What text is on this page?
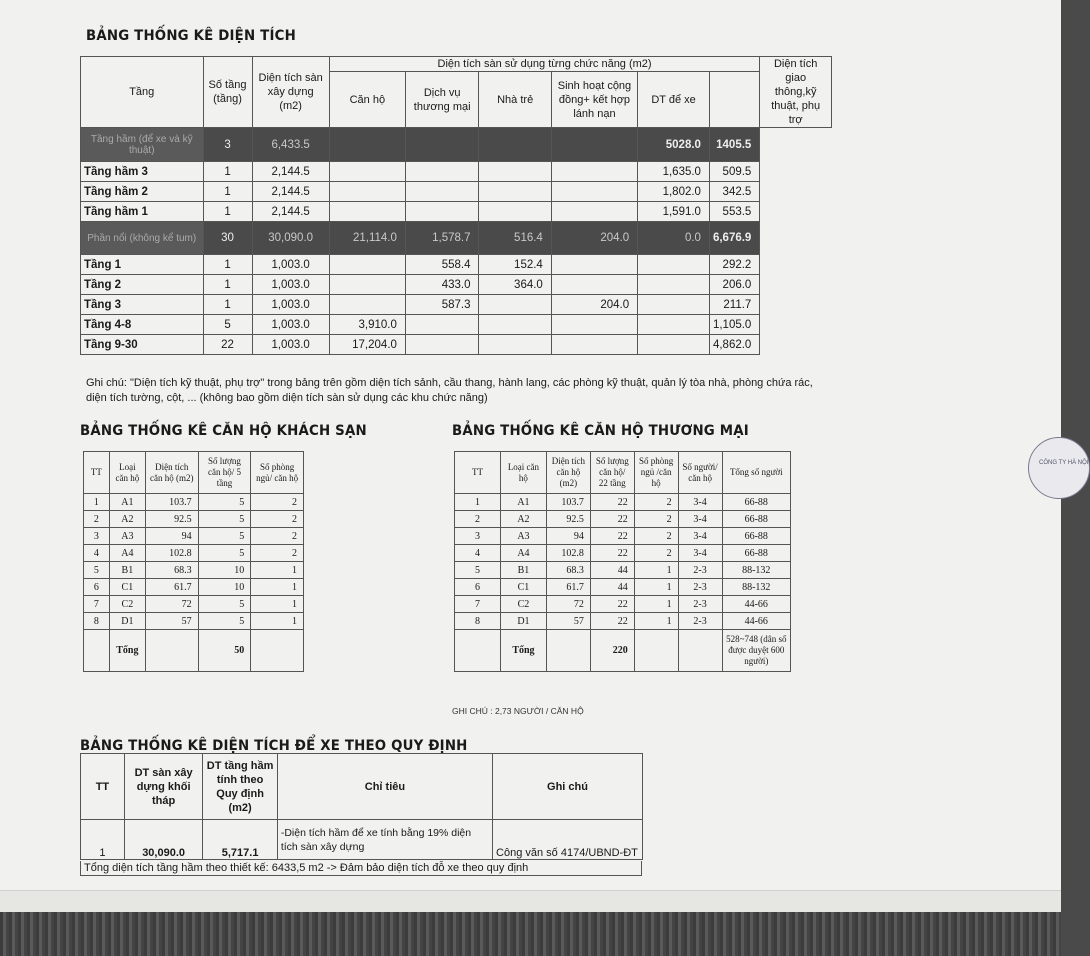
CÔNG TY HÀ NỘI
BẢNG THỐNG KÊ DIỆN TÍCH
Tầng	Số tầng (tầng)	Diện tích sàn xây dựng (m2)	Diện tích sàn sử dụng từng chức năng (m2)						Diện tích giao thông,kỹ thuật, phụ trợ
			Căn hộ	Dịch vụ thương mại	Nhà trẻ	Sinh hoạt cộng đồng+ kết hợp lánh nạn	DT để xe		
Tầng hầm (để xe và kỹ thuật)	3	6,433.5					5028.0	1405.5	
Tầng hầm 3	1	2,144.5					1,635.0	509.5	
Tầng hầm 2	1	2,144.5					1,802.0	342.5	
Tầng hầm 1	1	2,144.5					1,591.0	553.5	
Phần nổi (không kể tum)	30	30,090.0	21,114.0	1,578.7	516.4	204.0	0.0	6,676.9	
Tầng 1	1	1,003.0		558.4	152.4			292.2	
Tầng 2	1	1,003.0		433.0	364.0			206.0	
Tầng 3	1	1,003.0		587.3		204.0		211.7	
Tầng 4-8	5	1,003.0	3,910.0					1,105.0	
Tầng 9-30	22	1,003.0	17,204.0					4,862.0	
Ghi chú: "Diện tích kỹ thuật, phụ trợ" trong bảng trên gồm diện tích sảnh, cầu thang, hành lang, các phòng kỹ thuật, quản lý tòa nhà, phòng chứa rác, diện tích tường, cột, ... (không bao gồm diện tích sàn sử dụng các khu chức năng)
BẢNG THỐNG KÊ CĂN HỘ KHÁCH SẠN
TT	Loại căn hộ	Diện tích căn hộ (m2)	Số lượng căn hộ/ 5 tầng	Số phòng ngủ/ căn hộ
1	A1	103.7	5	2
2	A2	92.5	5	2
3	A3	94	5	2
4	A4	102.8	5	2
5	B1	68.3	10	1
6	C1	61.7	10	1
7	C2	72	5	1
8	D1	57	5	1
	Tổng		50	
BẢNG THỐNG KÊ CĂN HỘ THƯƠNG MẠI
TT	Loại căn hộ	Diện tích căn hộ (m2)	Số lượng căn hộ/ 22 tầng	Số phòng ngủ /căn hộ	Số người/ căn hộ	Tổng số người
1	A1	103.7	22	2	3-4	66-88
2	A2	92.5	22	2	3-4	66-88
3	A3	94	22	2	3-4	66-88
4	A4	102.8	22	2	3-4	66-88
5	B1	68.3	44	1	2-3	88-132
6	C1	61.7	44	1	2-3	88-132
7	C2	72	22	1	2-3	44-66
8	D1	57	22	1	2-3	44-66
	Tổng		220			528~748 (dân số được duyệt 600 người)
GHI CHÚ : 2,73 NGƯỜI / CĂN HỘ
BẢNG THỐNG KÊ DIỆN TÍCH ĐỂ XE THEO QUY ĐỊNH
TT	DT sàn xây dựng khối tháp	DT tầng hầm tính theo Quy định (m2)	Chỉ tiêu	Ghi chú
1	30,090.0	5,717.1	-Diện tích hầm để xe tính bằng 19% diện tích sàn xây dựng	Công văn số 4174/UBND-ĐT
Tổng diện tích tầng hầm theo thiết kế: 6433,5 m2 -> Đảm bảo diện tích đỗ xe theo quy định
